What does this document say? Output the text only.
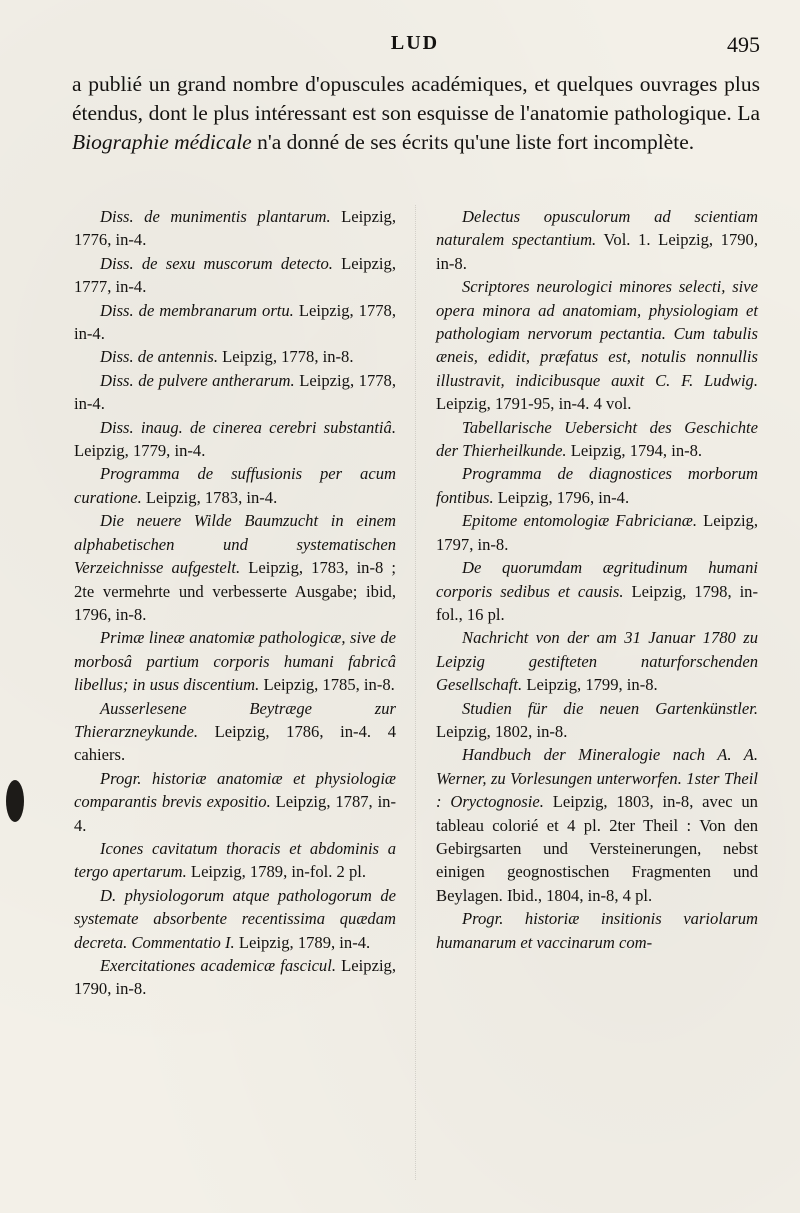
LUD	495

a publié un grand nombre d'opuscules académiques, et quelques ouvrages plus étendus, dont le plus intéressant est son esquisse de l'anatomie pathologique. La Biographie médicale n'a donné de ses écrits qu'une liste fort incomplète.

Diss. de munimentis plantarum. Leipzig, 1776, in-4.

Diss. de sexu muscorum detecto. Leipzig, 1777, in-4.

Diss. de membranarum ortu. Leipzig, 1778, in-4.

Diss. de antennis. Leipzig, 1778, in-8.

Diss. de pulvere antherarum. Leipzig, 1778, in-4.

Diss. inaug. de cinerea cerebri substantiâ. Leipzig, 1779, in-4.

Programma de suffusionis per acum curatione. Leipzig, 1783, in-4.

Die neuere Wilde Baumzucht in einem alphabetischen und systematischen Verzeichnisse aufgestelt. Leipzig, 1783, in-8 ; 2te vermehrte und verbesserte Ausgabe; ibid, 1796, in-8.

Primæ lineæ anatomiæ pathologicæ, sive de morbosâ partium corporis humani fabricâ libellus; in usus discentium. Leipzig, 1785, in-8.

Ausserlesene Beytræge zur Thierarzneykunde. Leipzig, 1786, in-4. 4 cahiers.

Progr. historiæ anatomiæ et physiologiæ comparantis brevis expositio. Leipzig, 1787, in-4.

Icones cavitatum thoracis et abdominis a tergo apertarum. Leipzig, 1789, in-fol. 2 pl.

D. physiologorum atque pathologorum de systemate absorbente recentissima quædam decreta. Commentatio I. Leipzig, 1789, in-4.

Exercitationes academicæ fascicul. Leipzig, 1790, in-8.

Delectus opusculorum ad scientiam naturalem spectantium. Vol. 1. Leipzig, 1790, in-8.

Scriptores neurologici minores selecti, sive opera minora ad anatomiam, physiologiam et pathologiam nervorum pectantia. Cum tabulis æneis, edidit, præfatus est, notulis nonnullis illustravit, indicibusque auxit C. F. Ludwig. Leipzig, 1791-95, in-4. 4 vol.

Tabellarische Uebersicht des Geschichte der Thierheilkunde. Leipzig, 1794, in-8.

Programma de diagnostices morborum fontibus. Leipzig, 1796, in-4.

Epitome entomologiæ Fabricianæ. Leipzig, 1797, in-8.

De quorumdam ægritudinum humani corporis sedibus et causis. Leipzig, 1798, in-fol., 16 pl.

Nachricht von der am 31 Januar 1780 zu Leipzig gestifteten naturforschenden Gesellschaft. Leipzig, 1799, in-8.

Studien für die neuen Gartenkünstler. Leipzig, 1802, in-8.

Handbuch der Mineralogie nach A. A. Werner, zu Vorlesungen unterworfen. 1ster Theil : Oryctognosie. Leipzig, 1803, in-8, avec un tableau colorié et 4 pl. 2ter Theil : Von den Gebirgsarten und Versteinerungen, nebst einigen geognostischen Fragmenten und Beylagen. Ibid., 1804, in-8, 4 pl.

Progr. historiæ insitionis variolarum humanarum et vaccinarum com-
